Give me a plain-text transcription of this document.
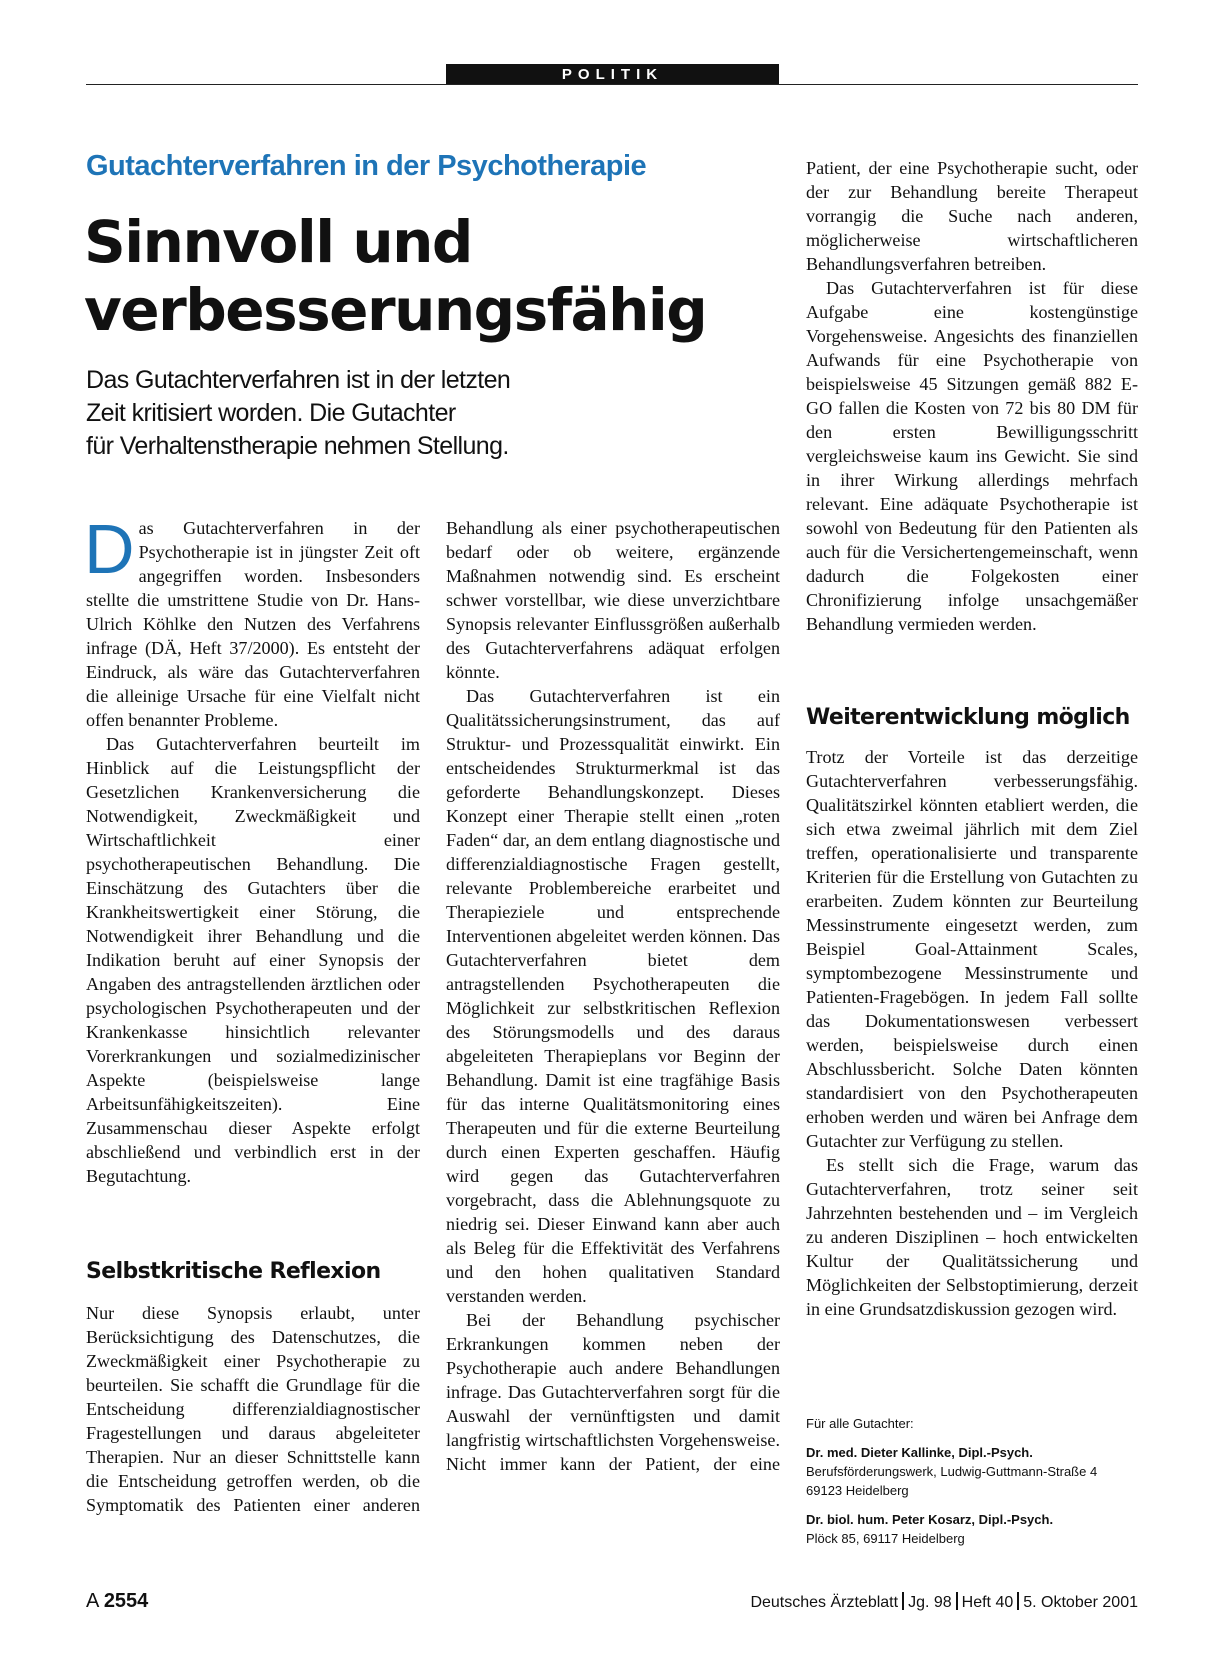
POLITIK
Gutachterverfahren in der Psychotherapie
Sinnvoll und
verbesserungsfähig
Das Gutachterverfahren ist in der letzten
Zeit kritisiert worden. Die Gutachter
für Verhaltenstherapie nehmen Stellung.

Das Gutachterverfahren in der Psychotherapie ist in jüngster Zeit oft angegriffen worden. Insbesonders stellte die umstrittene Studie von Dr. Hans-Ulrich Köhlke den Nutzen des Verfahrens infrage (DÄ, Heft 37/2000). Es entsteht der Eindruck, als wäre das Gutachterverfahren die alleinige Ursache für eine Vielfalt nicht offen benannter Probleme.

Das Gutachterverfahren beurteilt im Hinblick auf die Leistungspflicht der Gesetzlichen Krankenversicherung die Notwendigkeit, Zweckmäßigkeit und Wirtschaftlichkeit einer psychotherapeutischen Behandlung. Die Einschätzung des Gutachters über die Krankheitswertigkeit einer Störung, die Notwendigkeit ihrer Behandlung und die Indikation beruht auf einer Synopsis der Angaben des antragstellenden ärztlichen oder psychologischen Psychotherapeuten und der Krankenkasse hinsichtlich relevanter Vorerkrankungen und sozialmedizinischer Aspekte (beispielsweise lange Arbeitsunfähigkeitszeiten). Eine Zusammenschau dieser Aspekte erfolgt abschließend und verbindlich erst in der Begutachtung.

Selbstkritische Reflexion

Nur diese Synopsis erlaubt, unter Berücksichtigung des Datenschutzes, die Zweckmäßigkeit einer Psychotherapie zu beurteilen. Sie schafft die Grundlage für die Entscheidung differenzialdiagnostischer Fragestellungen und daraus abgeleiteter Therapien. Nur an dieser Schnittstelle kann die Entscheidung getroffen werden, ob die Symptomatik des Patienten einer anderen

Behandlung als einer psychotherapeutischen bedarf oder ob weitere, ergänzende Maßnahmen notwendig sind. Es erscheint schwer vorstellbar, wie diese unverzichtbare Synopsis relevanter Einflussgrößen außerhalb des Gutachterverfahrens adäquat erfolgen könnte.

Das Gutachterverfahren ist ein Qualitätssicherungsinstrument, das auf Struktur- und Prozessqualität einwirkt. Ein entscheidendes Strukturmerkmal ist das geforderte Behandlungskonzept. Dieses Konzept einer Therapie stellt einen „roten Faden“ dar, an dem entlang diagnostische und differenzialdiagnostische Fragen gestellt, relevante Problembereiche erarbeitet und Therapieziele und entsprechende Interventionen abgeleitet werden können. Das Gutachterverfahren bietet dem antragstellenden Psychotherapeuten die Möglichkeit zur selbstkritischen Reflexion des Störungsmodells und des daraus abgeleiteten Therapieplans vor Beginn der Behandlung. Damit ist eine tragfähige Basis für das interne Qualitätsmonitoring eines Therapeuten und für die externe Beurteilung durch einen Experten geschaffen. Häufig wird gegen das Gutachterverfahren vorgebracht, dass die Ablehnungsquote zu niedrig sei. Dieser Einwand kann aber auch als Beleg für die Effektivität des Verfahrens und den hohen qualitativen Standard verstanden werden.

Bei der Behandlung psychischer Erkrankungen kommen neben der Psychotherapie auch andere Behandlungen infrage. Das Gutachterverfahren sorgt für die Auswahl der vernünftigsten und damit langfristig wirtschaftlichsten Vorgehensweise. Nicht immer kann der Patient, der eine

Patient, der eine Psychotherapie sucht, oder der zur Behandlung bereite Therapeut vorrangig die Suche nach anderen, möglicherweise wirtschaftlicheren Behandlungsverfahren betreiben.

Das Gutachterverfahren ist für diese Aufgabe eine kostengünstige Vorgehensweise. Angesichts des finanziellen Aufwands für eine Psychotherapie von beispielsweise 45 Sitzungen gemäß 882 E-GO fallen die Kosten von 72 bis 80 DM für den ersten Bewilligungsschritt vergleichsweise kaum ins Gewicht. Sie sind in ihrer Wirkung allerdings mehrfach relevant. Eine adäquate Psychotherapie ist sowohl von Bedeutung für den Patienten als auch für die Versichertengemeinschaft, wenn dadurch die Folgekosten einer Chronifizierung infolge unsachgemäßer Behandlung vermieden werden.

Weiterentwicklung möglich

Trotz der Vorteile ist das derzeitige Gutachterverfahren verbesserungsfähig. Qualitätszirkel könnten etabliert werden, die sich etwa zweimal jährlich mit dem Ziel treffen, operationalisierte und transparente Kriterien für die Erstellung von Gutachten zu erarbeiten. Zudem könnten zur Beurteilung Messinstrumente eingesetzt werden, zum Beispiel Goal-Attainment Scales, symptombezogene Messinstrumente und Patienten-Fragebögen. In jedem Fall sollte das Dokumentationswesen verbessert werden, beispielsweise durch einen Abschlussbericht. Solche Daten könnten standardisiert von den Psychotherapeuten erhoben werden und wären bei Anfrage dem Gutachter zur Verfügung zu stellen.

Es stellt sich die Frage, warum das Gutachterverfahren, trotz seiner seit Jahrzehnten bestehenden und – im Vergleich zu anderen Disziplinen – hoch entwickelten Kultur der Qualitätssicherung und Möglichkeiten der Selbstoptimierung, derzeit in eine Grundsatzdiskussion gezogen wird.

Für alle Gutachter:
Dr. med. Dieter Kallinke, Dipl.-Psych.
Berufsförderungswerk, Ludwig-Guttmann-Straße 4
69123 Heidelberg
Dr. biol. hum. Peter Kosarz, Dipl.-Psych.
Plöck 85, 69117 Heidelberg
A 2554	Deutsches Ärzteblatt Jg. 98 Heft 40 5. Oktober 2001
